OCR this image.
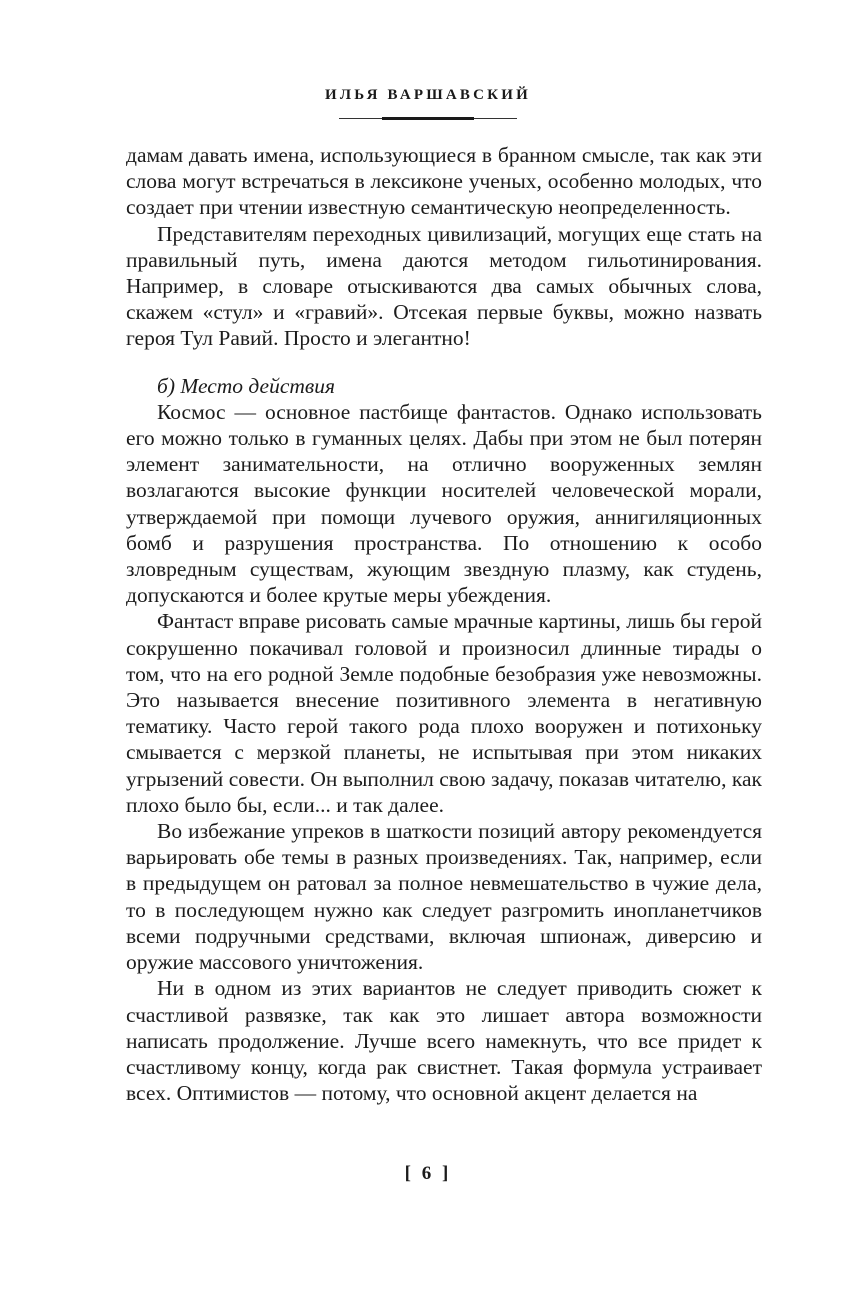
ИЛЬЯ ВАРШАВСКИЙ

дамам давать имена, использующиеся в бранном смысле, так как эти слова могут встречаться в лексиконе ученых, особенно молодых, что создает при чтении известную семантическую неопределенность.

Представителям переходных цивилизаций, могущих еще стать на правильный путь, имена даются методом гильотинирования. Например, в словаре отыскиваются два самых обычных слова, скажем «стул» и «гравий». Отсекая первые буквы, можно назвать героя Тул Равий. Просто и элегантно!

б) Место действия

Космос — основное пастбище фантастов. Однако использовать его можно только в гуманных целях. Дабы при этом не был потерян элемент занимательности, на отлично вооруженных землян возлагаются высокие функции носителей человеческой морали, утверждаемой при помощи лучевого оружия, аннигиляционных бомб и разрушения пространства. По отношению к особо зловредным существам, жующим звездную плазму, как студень, допускаются и более крутые меры убеждения.

Фантаст вправе рисовать самые мрачные картины, лишь бы герой сокрушенно покачивал головой и произносил длинные тирады о том, что на его родной Земле подобные безобразия уже невозможны. Это называется внесение позитивного элемента в негативную тематику. Часто герой такого рода плохо вооружен и потихоньку смывается с мерзкой планеты, не испытывая при этом никаких угрызений совести. Он выполнил свою задачу, показав читателю, как плохо было бы, если... и так далее.

Во избежание упреков в шаткости позиций автору рекомендуется варьировать обе темы в разных произведениях. Так, например, если в предыдущем он ратовал за полное невмешательство в чужие дела, то в последующем нужно как следует разгромить инопланетчиков всеми подручными средствами, включая шпионаж, диверсию и оружие массового уничтожения.

Ни в одном из этих вариантов не следует приводить сюжет к счастливой развязке, так как это лишает автора возможности написать продолжение. Лучше всего намекнуть, что все придет к счастливому концу, когда рак свистнет. Такая формула устраивает всех. Оптимистов — потому, что основной акцент делается на

[ 6 ]
